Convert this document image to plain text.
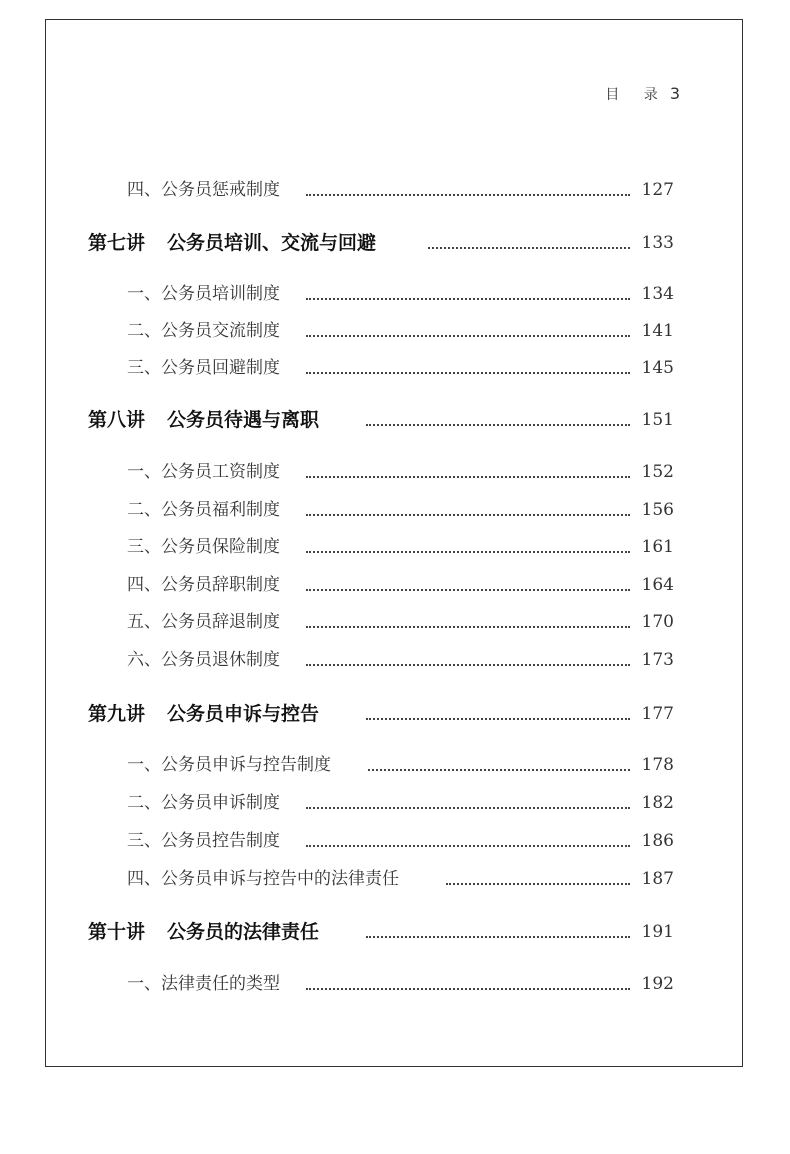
目 录 3
四、公务员惩戒制度	127
第七讲 公务员培训、交流与回避	133
一、公务员培训制度	134
二、公务员交流制度	141
三、公务员回避制度	145
第八讲 公务员待遇与离职	151
一、公务员工资制度	152
二、公务员福利制度	156
三、公务员保险制度	161
四、公务员辞职制度	164
五、公务员辞退制度	170
六、公务员退休制度	173
第九讲 公务员申诉与控告	177
一、公务员申诉与控告制度	178
二、公务员申诉制度	182
三、公务员控告制度	186
四、公务员申诉与控告中的法律责任	187
第十讲 公务员的法律责任	191
一、法律责任的类型	192
